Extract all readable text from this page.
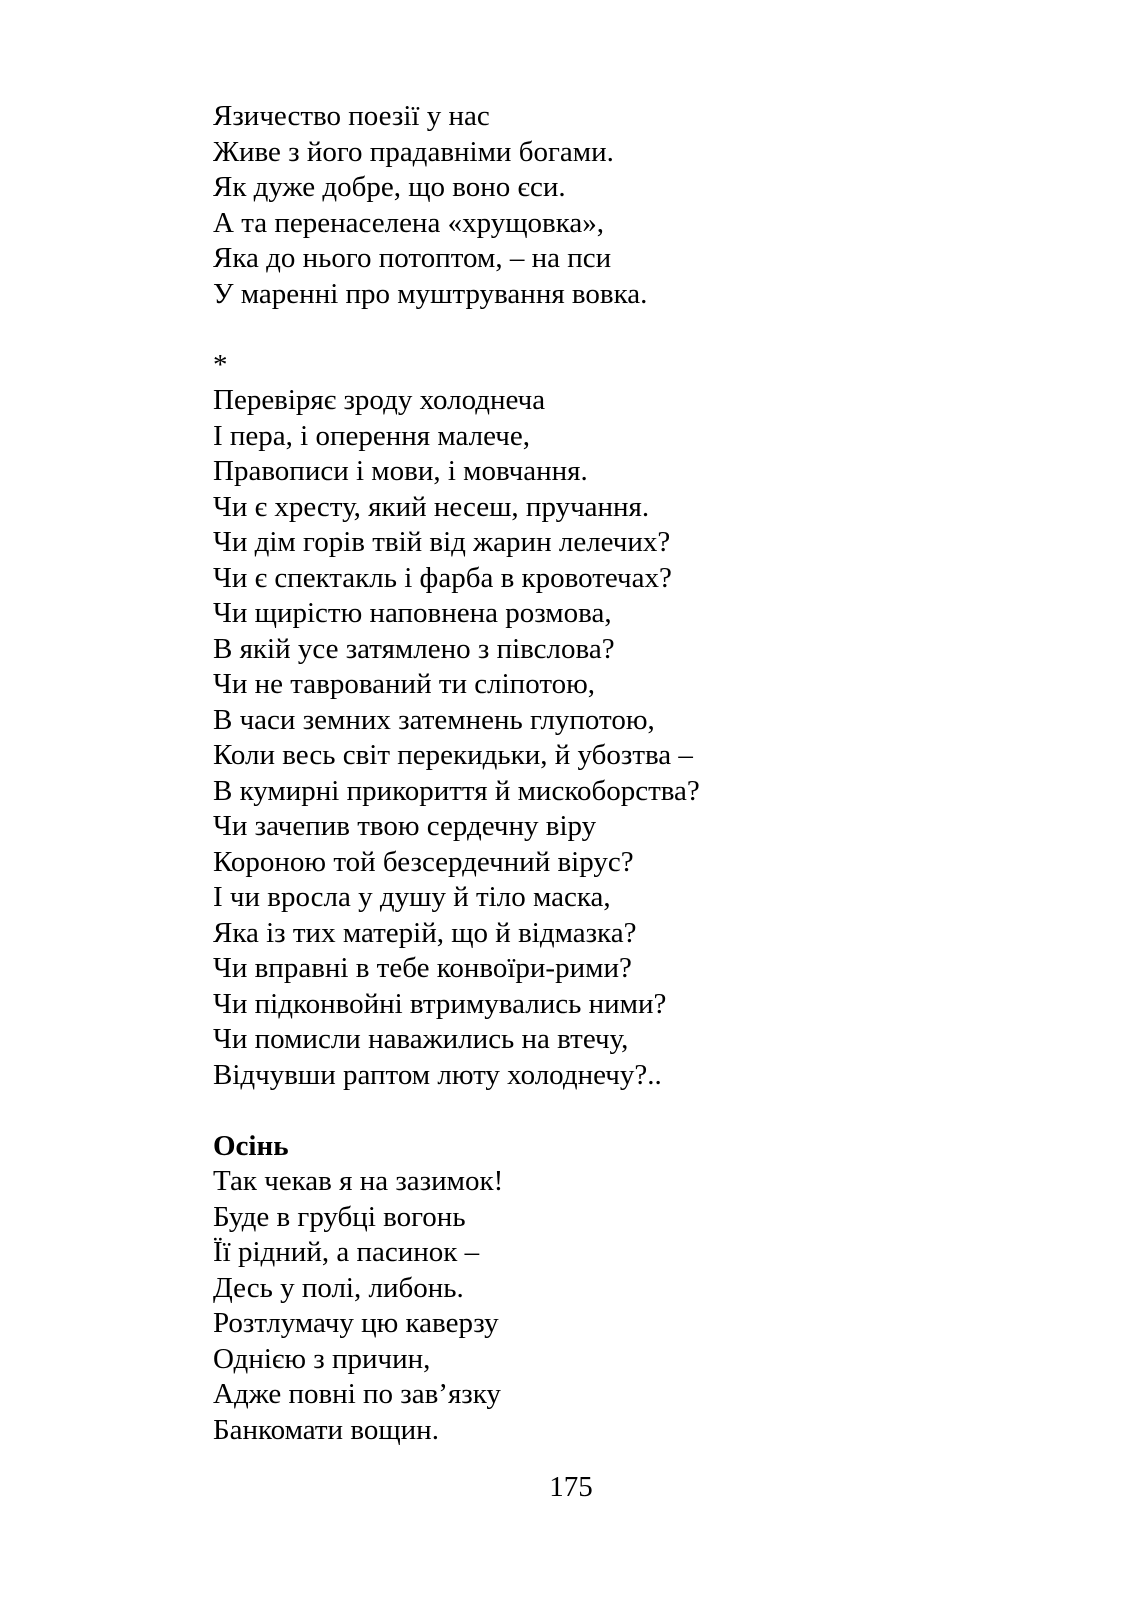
Язичество поезії у нас
Живе з його прадавніми богами.
Як дуже добре, що воно єси.
А та перенаселена «хрущовка»,
Яка до нього потоптом, – на пси
У маренні про муштрування вовка.
*
Перевіряє зроду холоднеча
І пера, і оперення малече,
Правописи і мови, і мовчання.
Чи є хресту, який несеш, пручання.
Чи дім горів твій від жарин лелечих?
Чи є спектакль і фарба в кровотечах?
Чи щирістю наповнена розмова,
В якій усе затямлено з півслова?
Чи не таврований ти сліпотою,
В часи земних затемнень глупотою,
Коли весь світ перекидьки, й убозтва –
В кумирні прикориття й мискоборства?
Чи зачепив твою сердечну віру
Короною той безсердечний вірус?
І чи вросла у душу й тіло маска,
Яка із тих матерій, що й відмазка?
Чи вправні в тебе конвоїри-рими?
Чи підконвойні втримувались ними?
Чи помисли наважились на втечу,
Відчувши раптом люту холоднечу?..
Осінь
Так чекав я на зазимок!
Буде в грубці вогонь
Її рідний, а пасинок –
Десь у полі, либонь.
Розтлумачу цю каверзу
Однією з причин,
Адже повні по зав’язку
Банкомати вощин.
175
